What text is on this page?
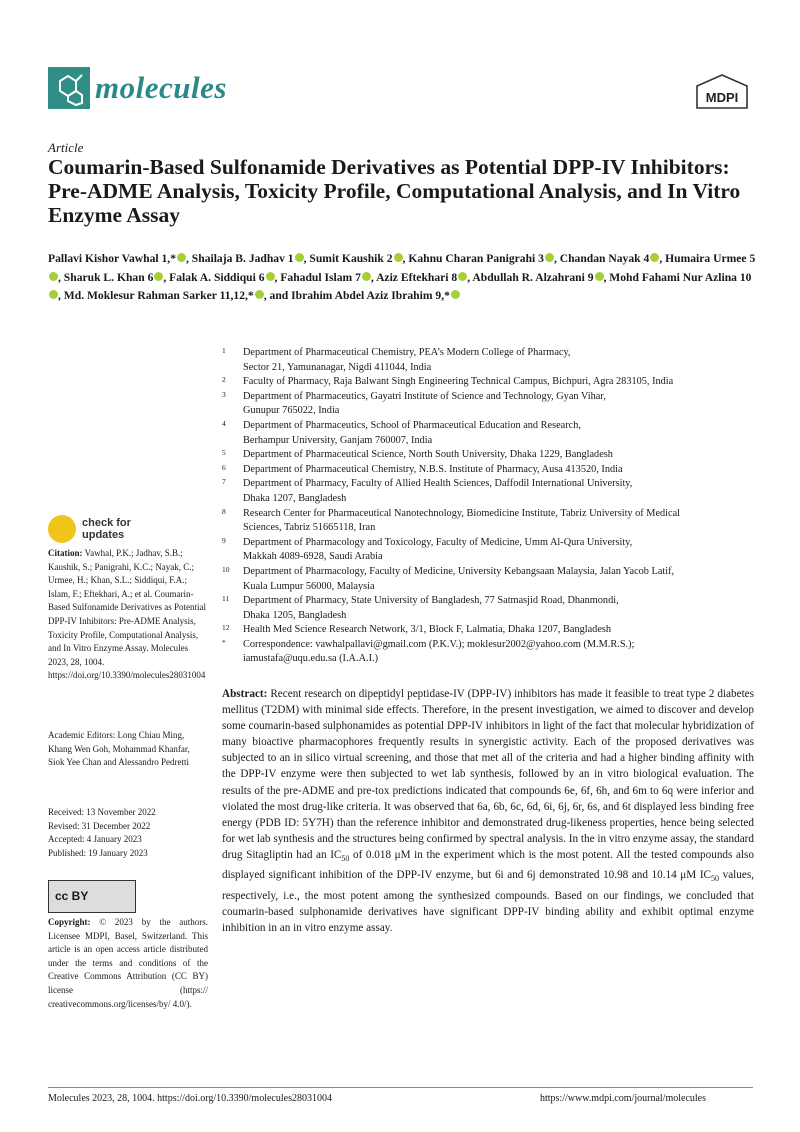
molecules	MDPI
Article
Coumarin-Based Sulfonamide Derivatives as Potential DPP-IV Inhibitors: Pre-ADME Analysis, Toxicity Profile, Computational Analysis, and In Vitro Enzyme Assay
Pallavi Kishor Vawhal 1,* , Shailaja B. Jadhav 1 , Sumit Kaushik 2 , Kahnu Charan Panigrahi 3 , Chandan Nayak 4 , Humaira Urmee 5, Sharuk L. Khan 6 , Falak A. Siddiqui 6 , Fahadul Islam 7 , Aziz Eftekhari 8 , Abdullah R. Alzahrani 9 , Mohd Fahami Nur Azlina 10, Md. Moklesur Rahman Sarker 11,12,* , and Ibrahim Abdel Aziz Ibrahim 9,*
1 Department of Pharmaceutical Chemistry, PEA’s Modern College of Pharmacy,
Sector 21, Yamunanagar, Nigdi 411044, India
2 Faculty of Pharmacy, Raja Balwant Singh Engineering Technical Campus, Bichpuri, Agra 283105, India
3 Department of Pharmaceutics, Gayatri Institute of Science and Technology, Gyan Vihar,
Gunupur 765022, India
4 Department of Pharmaceutics, School of Pharmaceutical Education and Research,
Berhampur University, Ganjam 760007, India
5 Department of Pharmaceutical Science, North South University, Dhaka 1229, Bangladesh
6 Department of Pharmaceutical Chemistry, N.B.S. Institute of Pharmacy, Ausa 413520, India
7 Department of Pharmacy, Faculty of Allied Health Sciences, Daffodil International University,
Dhaka 1207, Bangladesh
8 Research Center for Pharmaceutical Nanotechnology, Biomedicine Institute, Tabriz University of Medical
Sciences, Tabriz 51665118, Iran
9 Department of Pharmacology and Toxicology, Faculty of Medicine, Umm Al-Qura University,
Makkah 4089-6928, Saudi Arabia
10 Department of Pharmacology, Faculty of Medicine, University Kebangsaan Malaysia, Jalan Yacob Latif,
Kuala Lumpur 56000, Malaysia
11 Department of Pharmacy, State University of Bangladesh, 77 Satmasjid Road, Dhanmondi,
Dhaka 1205, Bangladesh
12 Health Med Science Research Network, 3/1, Block F, Lalmatia, Dhaka 1207, Bangladesh
* Correspondence: vawhalpallavi@gmail.com (P.K.V.); moklesur2002@yahoo.com (M.M.R.S.);
iamustafa@uqu.edu.sa (I.A.A.I.)
check for
updates
Citation: Vawhal, P.K.; Jadhav, S.B.; Kaushik, S.; Panigrahi, K.C.; Nayak, C.; Urmee, H.; Khan, S.L.; Siddiqui, F.A.; Islam, F.; Eftekhari, A.; et al. Coumarin-Based Sulfonamide Derivatives as Potential DPP-IV Inhibitors: Pre-ADME Analysis, Toxicity Profile, Computational Analysis, and In Vitro Enzyme Assay. Molecules 2023, 28, 1004. https://doi.org/10.3390/molecules28031004
Academic Editors: Long Chiau Ming, Khang Wen Goh, Mohammad Khanfar, Siok Yee Chan and Alessandro Pedretti
Received: 13 November 2022
Revised: 31 December 2022
Accepted: 4 January 2023
Published: 19 January 2023
cc BY
Copyright: © 2023 by the authors. Licensee MDPI, Basel, Switzerland. This article is an open access article distributed under the terms and conditions of the Creative Commons Attribution (CC BY) license (https:// creativecommons.org/licenses/by/ 4.0/).
Abstract: Recent research on dipeptidyl peptidase-IV (DPP-IV) inhibitors has made it feasible to treat type 2 diabetes mellitus (T2DM) with minimal side effects. Therefore, in the present investigation, we aimed to discover and develop some coumarin-based sulphonamides as potential DPP-IV inhibitors in light of the fact that molecular hybridization of many bioactive pharmacophores frequently results in synergistic activity. Each of the proposed derivatives was subjected to an in silico virtual screening, and those that met all of the criteria and had a higher binding affinity with the DPP-IV enzyme were then subjected to wet lab synthesis, followed by an in vitro biological evaluation. The results of the pre-ADME and pre-tox predictions indicated that compounds 6e, 6f, 6h, and 6m to 6q were inferior and violated the most drug-like criteria. It was observed that 6a, 6b, 6c, 6d, 6i, 6j, 6r, 6s, and 6t displayed less binding free energy (PDB ID: 5Y7H) than the reference inhibitor and demonstrated drug-likeness properties, hence being selected for wet lab synthesis and the structures being confirmed by spectral analysis. In the in vitro enzyme assay, the standard drug Sitagliptin had an $IC_{50}$ of 0.018 μM in the experiment which is the most potent. All the tested compounds also displayed significant inhibition of the DPP-IV enzyme, but 6i and 6j demonstrated 10.98 and 10.14 μM $IC_{50}$ values, respectively, i.e., the most potent among the synthesized compounds. Based on our findings, we concluded that coumarin-based sulphonamide derivatives have significant DPP-IV binding ability and exhibit optimal enzyme inhibition in an in vitro enzyme assay.
Molecules 2023, 28, 1004. https://doi.org/10.3390/molecules28031004	https://www.mdpi.com/journal/molecules
